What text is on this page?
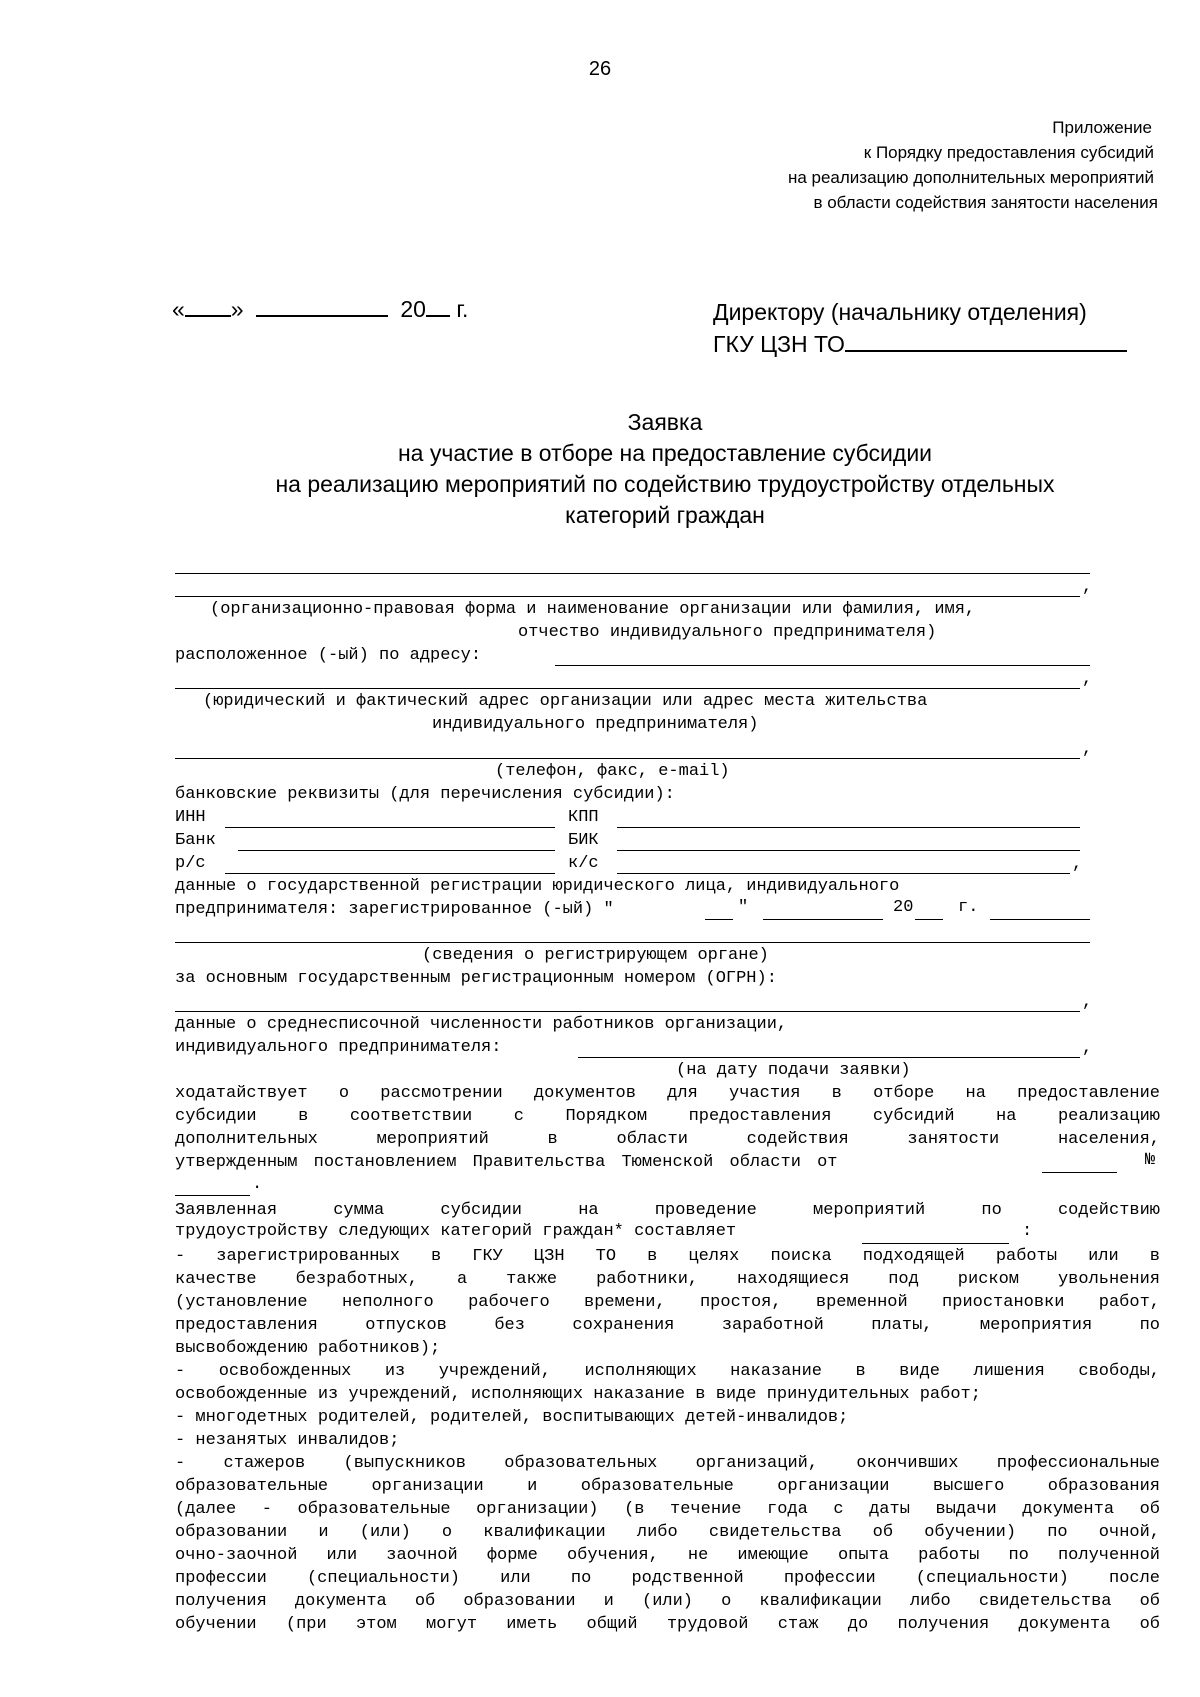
26
Приложение
к Порядку предоставления субсидий
на реализацию дополнительных мероприятий
в области содействия занятости населения
« »	20 г.	Директору (начальнику отделения)
ГКУ ЦЗН ТО
Заявка
на участие в отборе на предоставление субсидии
на реализацию мероприятий по содействию трудоустройству отдельных
категорий граждан
,
(организационно-правовая форма и наименование организации или фамилия, имя,
отчество индивидуального предпринимателя)
расположенное (-ый) по адресу:
,
(юридический и фактический адрес организации или адрес места жительства
индивидуального предпринимателя)
,
(телефон, факс, e-mail)
банковские реквизиты (для перечисления субсидии):
ИНН	КПП
Банк	БИК
р/с	к/с	,
данные о государственной регистрации юридического лица, индивидуального
предпринимателя: зарегистрированное (-ый) "	"	20	г.
(сведения о регистрирующем органе)
за основным государственным регистрационным номером (ОГРН):
,
данные о среднесписочной численности работников организации,
индивидуального предпринимателя:	,
(на дату подачи заявки)
ходатайствует о рассмотрении документов для участия в отборе на предоставление
субсидии в соответствии с Порядком предоставления субсидий на реализацию
дополнительных мероприятий в области содействия занятости населения,
утвержденным постановлением Правительства Тюменской области от	№
.
Заявленная сумма субсидии на проведение мероприятий по содействию
трудоустройству следующих категорий граждан* составляет	:
- зарегистрированных в ГКУ ЦЗН ТО в целях поиска подходящей работы или в
качестве безработных, а также работники, находящиеся под риском увольнения
(установление неполного рабочего времени, простоя, временной приостановки работ,
предоставления отпусков без сохранения заработной платы, мероприятия по
высвобождению работников);
- освобожденных из учреждений, исполняющих наказание в виде лишения свободы,
освобожденные из учреждений, исполняющих наказание в виде принудительных работ;
- многодетных родителей, родителей, воспитывающих детей-инвалидов;
- незанятых инвалидов;
- стажеров (выпускников образовательных организаций, окончивших профессиональные
образовательные организации и образовательные организации высшего образования
(далее - образовательные организации) (в течение года с даты выдачи документа об
образовании и (или) о квалификации либо свидетельства об обучении) по очной,
очно-заочной или заочной форме обучения, не имеющие опыта работы по полученной
профессии (специальности) или по родственной профессии (специальности) после
получения документа об образовании и (или) о квалификации либо свидетельства об
обучении (при этом могут иметь общий трудовой стаж до получения документа об
